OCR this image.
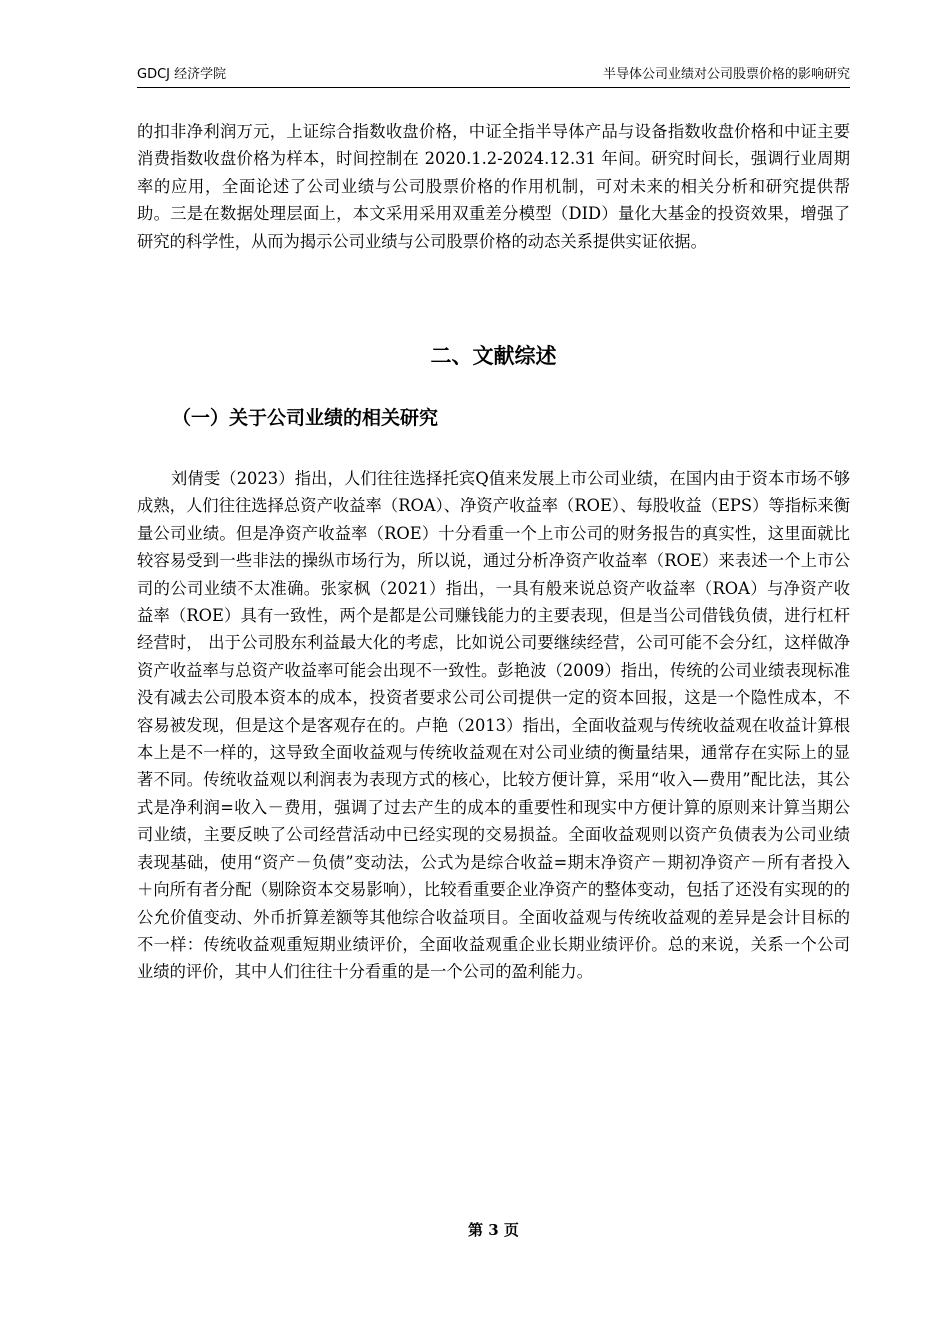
GDCJ 经济学院	半导体公司业绩对公司股票价格的影响研究

的扣非净利润万元，上证综合指数收盘价格，中证全指半导体产品与设备指数收盘价格和中证主要消费指数收盘价格为样本，时间控制在 2020.1.2-2024.12.31 年间。研究时间长，强调行业周期率的应用，全面论述了公司业绩与公司股票价格的作用机制，可对未来的相关分析和研究提供帮助。三是在数据处理层面上，本文采用采用双重差分模型（DID）量化大基金的投资效果，增强了研究的科学性，从而为揭示公司业绩与公司股票价格的动态关系提供实证依据。

二、文献综述
（一）关于公司业绩的相关研究

刘倩雯（2023）指出，人们往往选择托宾Q值来发展上市公司业绩，在国内由于资本市场不够成熟，人们往往选择总资产收益率（ROA）、净资产收益率（ROE）、每股收益（EPS）等指标来衡量公司业绩。但是净资产收益率（ROE）十分看重一个上市公司的财务报告的真实性，这里面就比较容易受到一些非法的操纵市场行为，所以说，通过分析净资产收益率（ROE）来表述一个上市公司的公司业绩不太准确。张家枫（2021）指出，一具有般来说总资产收益率（ROA）与净资产收益率（ROE）具有一致性，两个是都是公司赚钱能力的主要表现，但是当公司借钱负债，进行杠杆经营时， 出于公司股东利益最大化的考虑，比如说公司要继续经营，公司可能不会分红，这样做净资产收益率与总资产收益率可能会出现不一致性。彭艳波（2009）指出，传统的公司业绩表现标准没有减去公司股本资本的成本，投资者要求公司公司提供一定的资本回报，这是一个隐性成本，不容易被发现，但是这个是客观存在的。卢艳（2013）指出，全面收益观与传统收益观在收益计算根本上是不一样的，这导致全面收益观与传统收益观在对公司业绩的衡量结果，通常存在实际上的显著不同。传统收益观以利润表为表现方式的核心，比较方便计算，采用“收入—费用”配比法，其公式是净利润=收入－费用，强调了过去产生的成本的重要性和现实中方便计算的原则来计算当期公司业绩，主要反映了公司经营活动中已经实现的交易损益。全面收益观则以资产负债表为公司业绩表现基础，使用“资产－负债”变动法，公式为是综合收益=期末净资产－期初净资产－所有者投入＋向所有者分配（剔除资本交易影响），比较看重要企业净资产的整体变动，包括了还没有实现的的公允价值变动、外币折算差额等其他综合收益项目。全面收益观与传统收益观的差异是会计目标的不一样：传统收益观重短期业绩评价，全面收益观重企业长期业绩评价。总的来说，关系一个公司业绩的评价，其中人们往往十分看重的是一个公司的盈利能力。

第 3 页
